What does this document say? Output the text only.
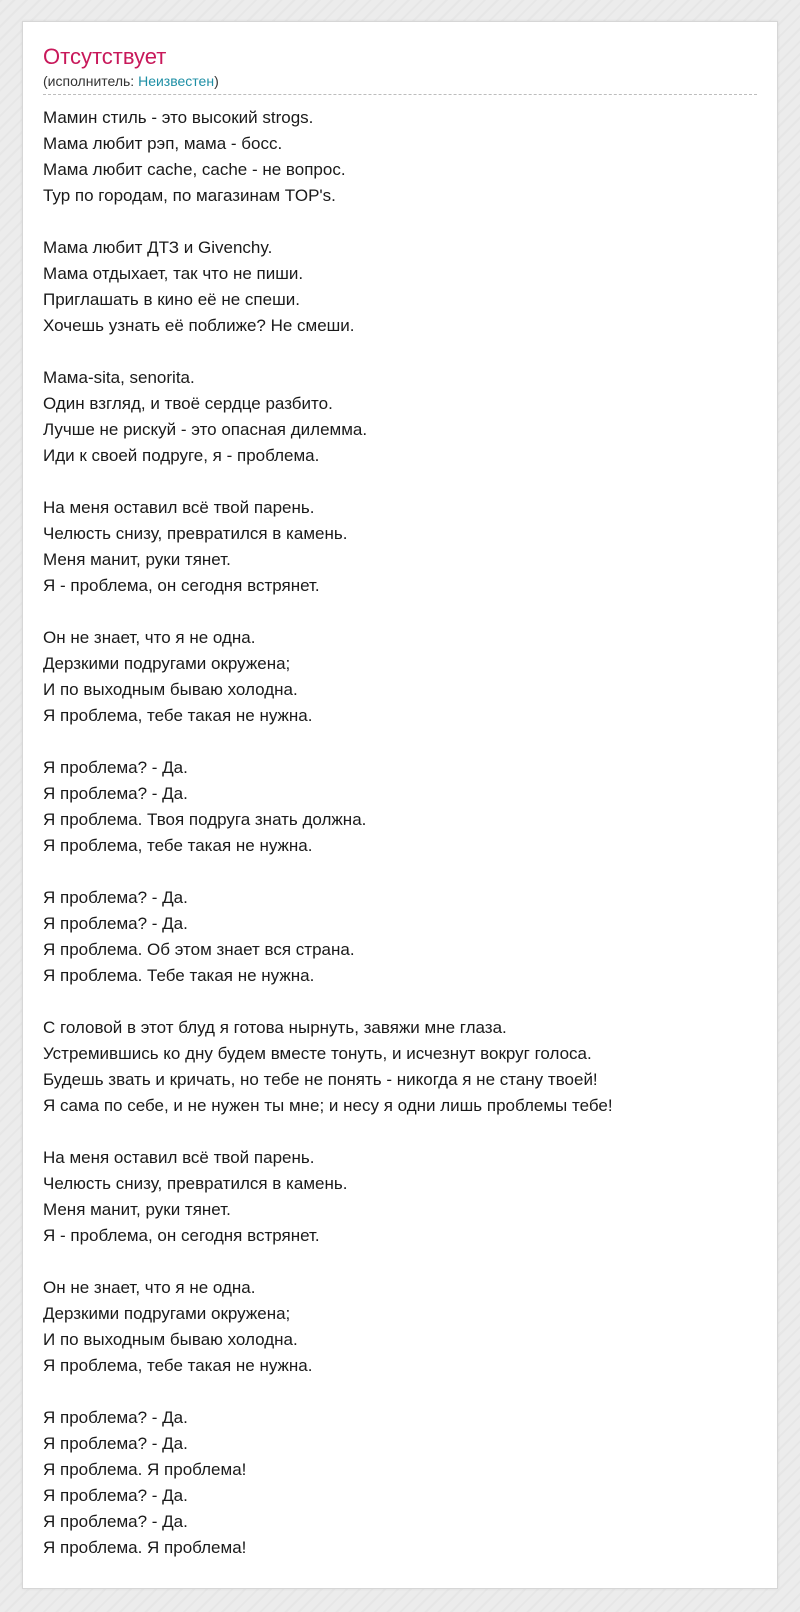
Отсутствует
(исполнитель: Неизвестен)
Мамин стиль - это высокий strogs.
Мама любит рэп, мама - босс.
Мама любит cache, cache - не вопрос.
Тур по городам, по магазинам TOP's.
Мама любит ДТЗ и Givenchy.
Мама отдыхает, так что не пиши.
Приглашать в кино её не спеши.
Хочешь узнать её поближе? Не смеши.
Мама-sita, senorita.
Один взгляд, и твоё сердце разбито.
Лучше не рискуй - это опасная дилемма.
Иди к своей подруге, я - проблема.
На меня оставил всё твой парень.
Челюсть снизу, превратился в камень.
Меня манит, руки тянет.
Я - проблема, он сегодня встрянет.
Он не знает, что я не одна.
Дерзкими подругами окружена;
И по выходным бываю холодна.
Я проблема, тебе такая не нужна.
Я проблема? - Да.
Я проблема? - Да.
Я проблема. Твоя подруга знать должна.
Я проблема, тебе такая не нужна.
Я проблема? - Да.
Я проблема? - Да.
Я проблема. Об этом знает вся страна.
Я проблема. Тебе такая не нужна.
С головой в этот блуд я готова нырнуть, завяжи мне глаза.
Устремившись ко дну будем вместе тонуть, и исчезнут вокруг голоса.
Будешь звать и кричать, но тебе не понять - никогда я не стану твоей!
Я сама по себе, и не нужен ты мне; и несу я одни лишь проблемы тебе!
На меня оставил всё твой парень.
Челюсть снизу, превратился в камень.
Меня манит, руки тянет.
Я - проблема, он сегодня встрянет.
Он не знает, что я не одна.
Дерзкими подругами окружена;
И по выходным бываю холодна.
Я проблема, тебе такая не нужна.
Я проблема? - Да.
Я проблема? - Да.
Я проблема. Я проблема!
Я проблема? - Да.
Я проблема? - Да.
Я проблема. Я проблема!
